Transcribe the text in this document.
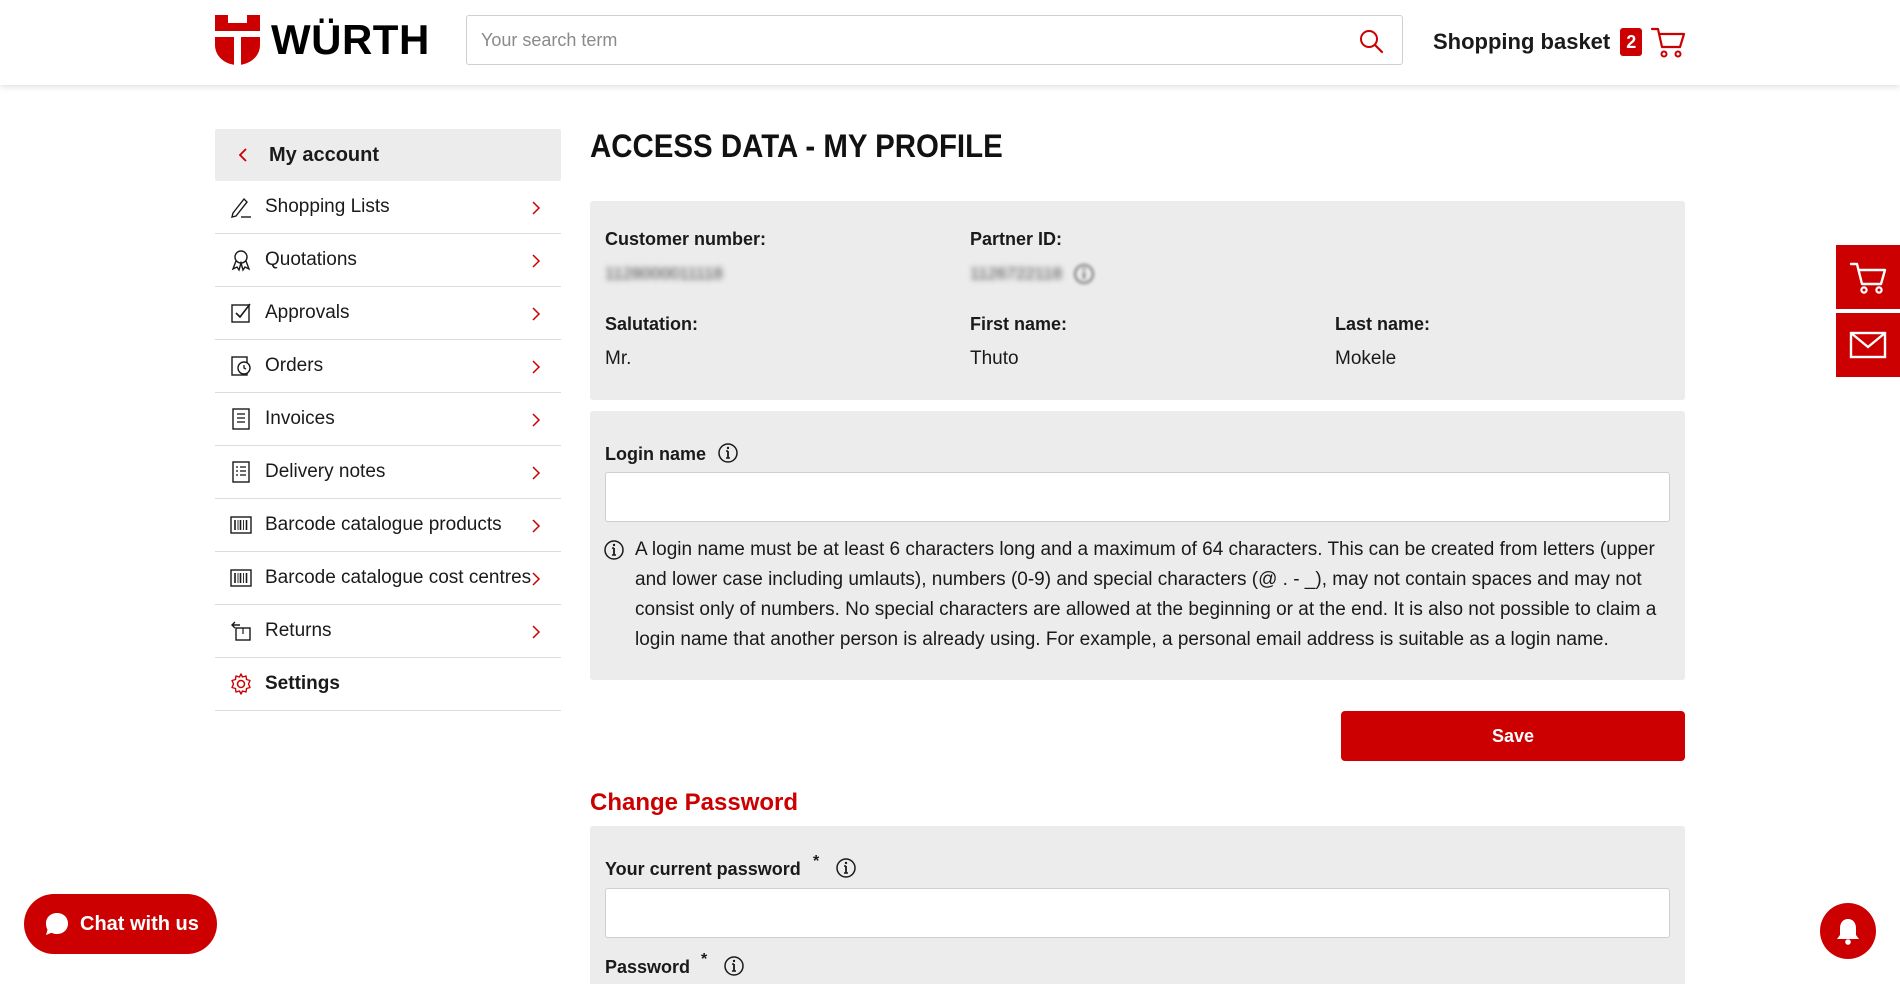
WÜRTH
Your search term	Shopping basket 2
My account
Shopping Lists
Quotations
Approvals
Orders
Invoices
Delivery notes
Barcode catalogue products
Barcode catalogue cost centres
Returns
Settings
ACCESS DATA - MY PROFILE
Customer number:
1128000011118
Partner ID:
1126722118
Salutation:
Mr.
First name:
Thuto
Last name:
Mokele
Login name

A login name must be at least 6 characters long and a maximum of 64 characters. This can be created from letters (upper and lower case including umlauts), numbers (0-9) and special characters (@ . - _), may not contain spaces and may not consist only of numbers. No special characters are allowed at the beginning or at the end. It is also not possible to claim a login name that another person is already using. For example, a personal email address is suitable as a login name.

Save
Change Password
Your current password *
Password *
Chat with us
